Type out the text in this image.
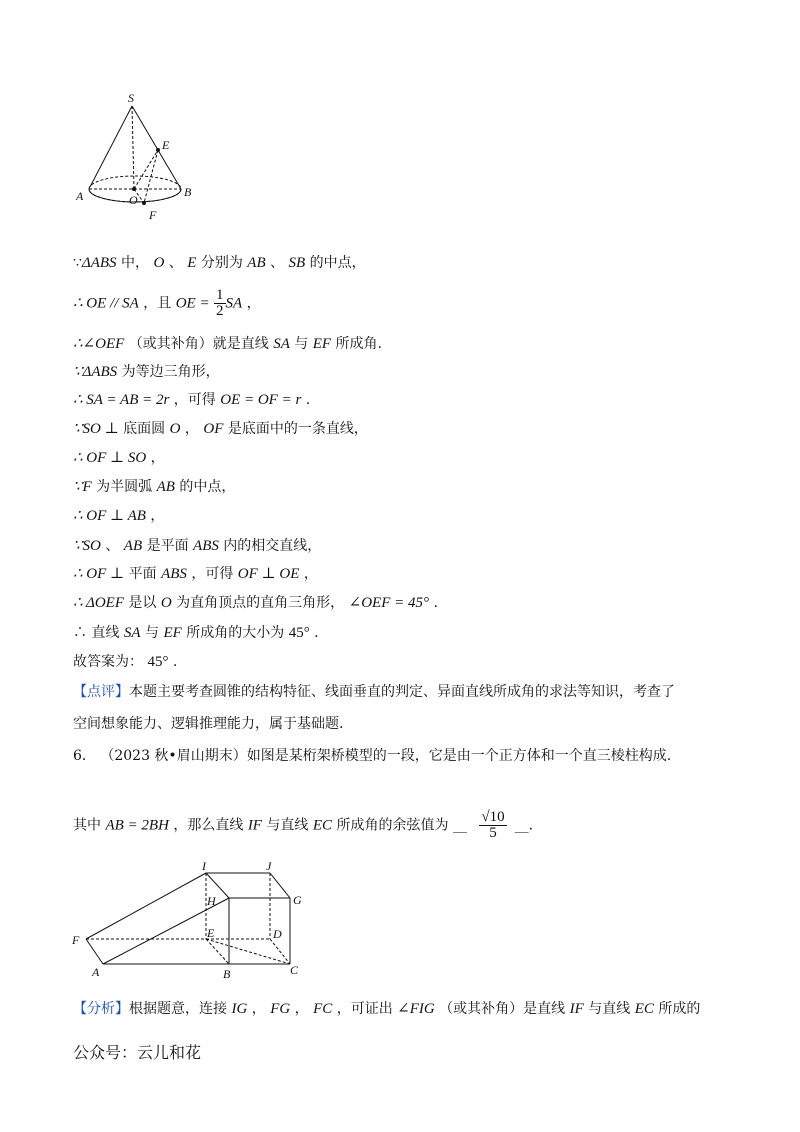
S
E
A	O
B
F
∵ΔABS 中， O 、 E 分别为 AB 、 SB 的中点，
∴ OE // SA ，且 OE = $\frac{1}{2}$ SA ，
∴∠OEF （或其补角）就是直线 SA 与 EF 所成角.
∵ΔABS 为等边三角形，
∴ SA = AB = 2r ，可得 OE = OF = r .
∵SO ⊥ 底面圆 O ， OF 是底面中的一条直线，
∴ OF ⊥ SO ，
∵F 为半圆弧 AB 的中点，
∴ OF ⊥ AB ，
∵SO 、 AB 是平面 ABS 内的相交直线，
∴ OF ⊥ 平面 ABS ，可得 OF ⊥ OE ，
∴ ΔOEF 是以 O 为直角顶点的直角三角形， ∠OEF = 45° .
∴ 直线 SA 与 EF 所成角的大小为 45° .
故答案为： 45° .
【点评】本题主要考查圆锥的结构特征、线面垂直的判定、异面直线所成角的求法等知识，考查了
空间想象能力、逻辑推理能力，属于基础题.
6． （2023 秋•眉山期末）如图是某桁架桥模型的一段，它是由一个正方体和一个直三棱柱构成.
其中 AB = 2BH ，那么直线 IF 与直线 EC 所成角的余弦值为 __ $\frac{√10}{5}$ __.
I	J
H	G
F	E	D
A	B	C
【分析】根据题意，连接 IG ， FG ， FC ，可证出 ∠FIG （或其补角）是直线 IF 与直线 EC 所成的
公众号：云儿和花
